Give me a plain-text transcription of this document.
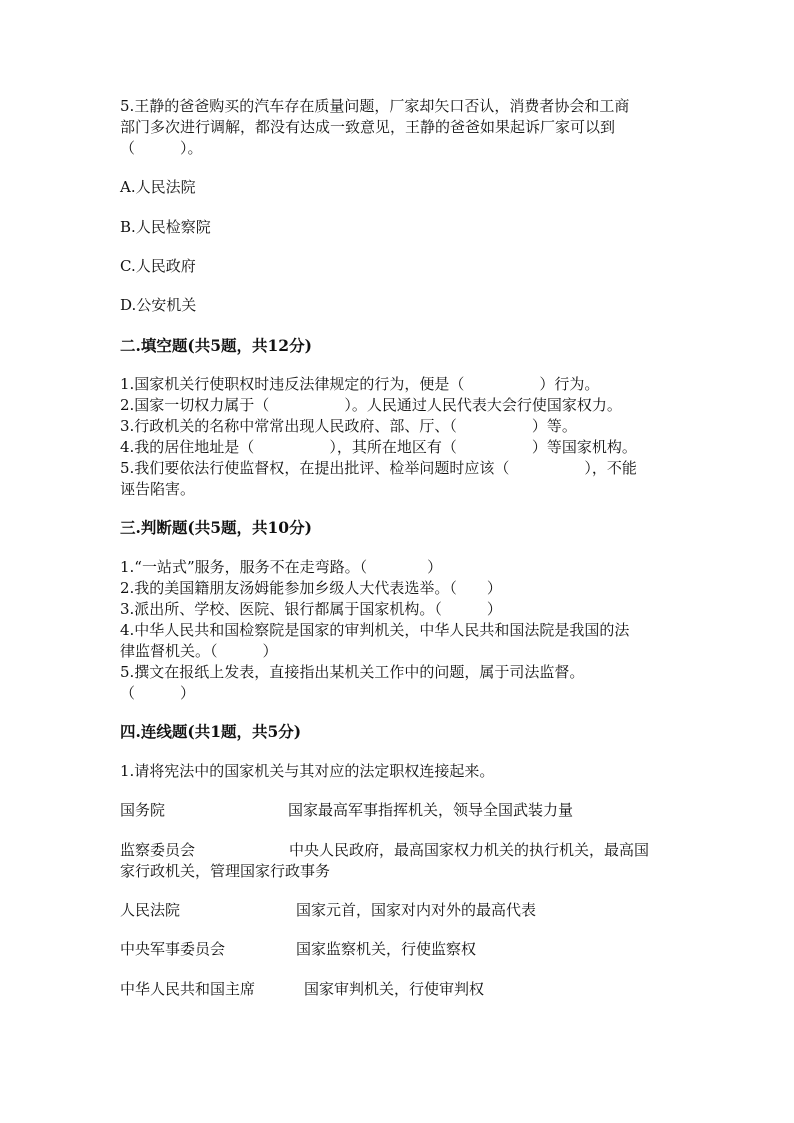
5.王静的爸爸购买的汽车存在质量问题，厂家却矢口否认，消费者协会和工商

部门多次进行调解，都没有达成一致意见，王静的爸爸如果起诉厂家可以到

（　　　）。

A.人民法院

B.人民检察院

C.人民政府

D.公安机关

二.填空题(共5题，共12分)

1.国家机关行使职权时违反法律规定的行为，便是（　　　　　）行为。

2.国家一切权力属于（　　　　　）。人民通过人民代表大会行使国家权力。

3.行政机关的名称中常常出现人民政府、部、厅、（　　　　　）等。

4.我的居住地址是（　　　　　），其所在地区有（　　　　　）等国家机构。

5.我们要依法行使监督权，在提出批评、检举问题时应该（　　　　　），不能

诬告陷害。

三.判断题(共5题，共10分)

1.“一站式”服务，服务不在走弯路。（　　　　）

2.我的美国籍朋友汤姆能参加乡级人大代表选举。（　　）

3.派出所、学校、医院、银行都属于国家机构。（　　　）

4.中华人民共和国检察院是国家的审判机关，中华人民共和国法院是我国的法

律监督机关。（　　　）

5.撰文在报纸上发表，直接指出某机关工作中的问题，属于司法监督。

（　　　）

四.连线题(共1题，共5分)

1.请将宪法中的国家机关与其对应的法定职权连接起来。

国务院	国家最高军事指挥机关，领导全国武装力量

监察委员会	中央人民政府，最高国家权力机关的执行机关，最高国

家行政机关，管理国家行政事务

人民法院	国家元首，国家对内对外的最高代表

中央军事委员会	国家监察机关，行使监察权

中华人民共和国主席	国家审判机关，行使审判权
